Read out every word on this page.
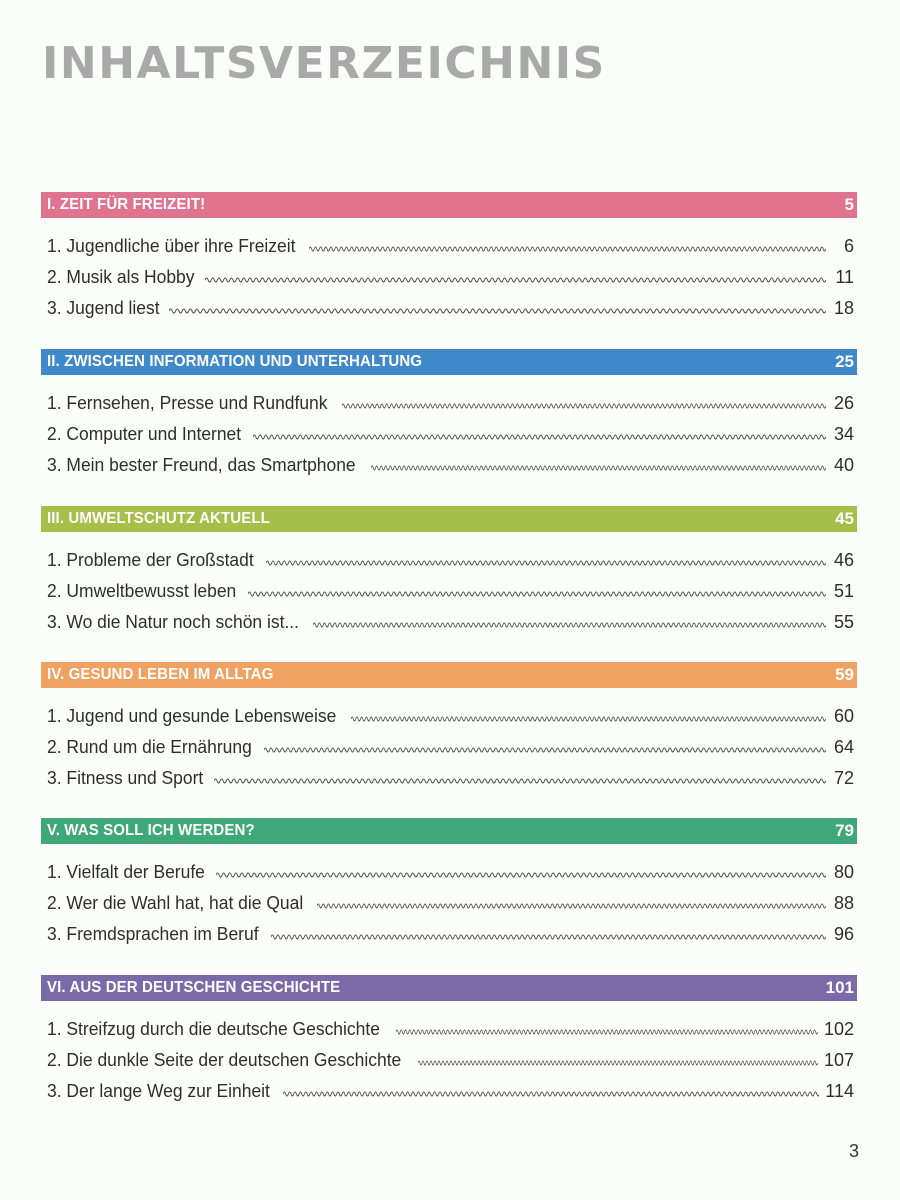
INHALTSVERZEICHNIS
I. ZEIT FÜR FREIZEIT!	5
1. Jugendliche über ihre Freizeit	6
2. Musik als Hobby	11
3. Jugend liest	18
II. ZWISCHEN INFORMATION UND UNTERHALTUNG	25
1. Fernsehen, Presse und Rundfunk	26
2. Computer und Internet	34
3. Mein bester Freund, das Smartphone	40
III. UMWELTSCHUTZ AKTUELL	45
1. Probleme der Großstadt	46
2. Umweltbewusst leben	51
3. Wo die Natur noch schön ist...	55
IV. GESUND LEBEN IM ALLTAG	59
1. Jugend und gesunde Lebensweise	60
2. Rund um die Ernährung	64
3. Fitness und Sport	72
V. WAS SOLL ICH WERDEN?	79
1. Vielfalt der Berufe	80
2. Wer die Wahl hat, hat die Qual	88
3. Fremdsprachen im Beruf	96
VI. AUS DER DEUTSCHEN GESCHICHTE	101
1. Streifzug durch die deutsche Geschichte	102
2. Die dunkle Seite der deutschen Geschichte	107
3. Der lange Weg zur Einheit	114
3
